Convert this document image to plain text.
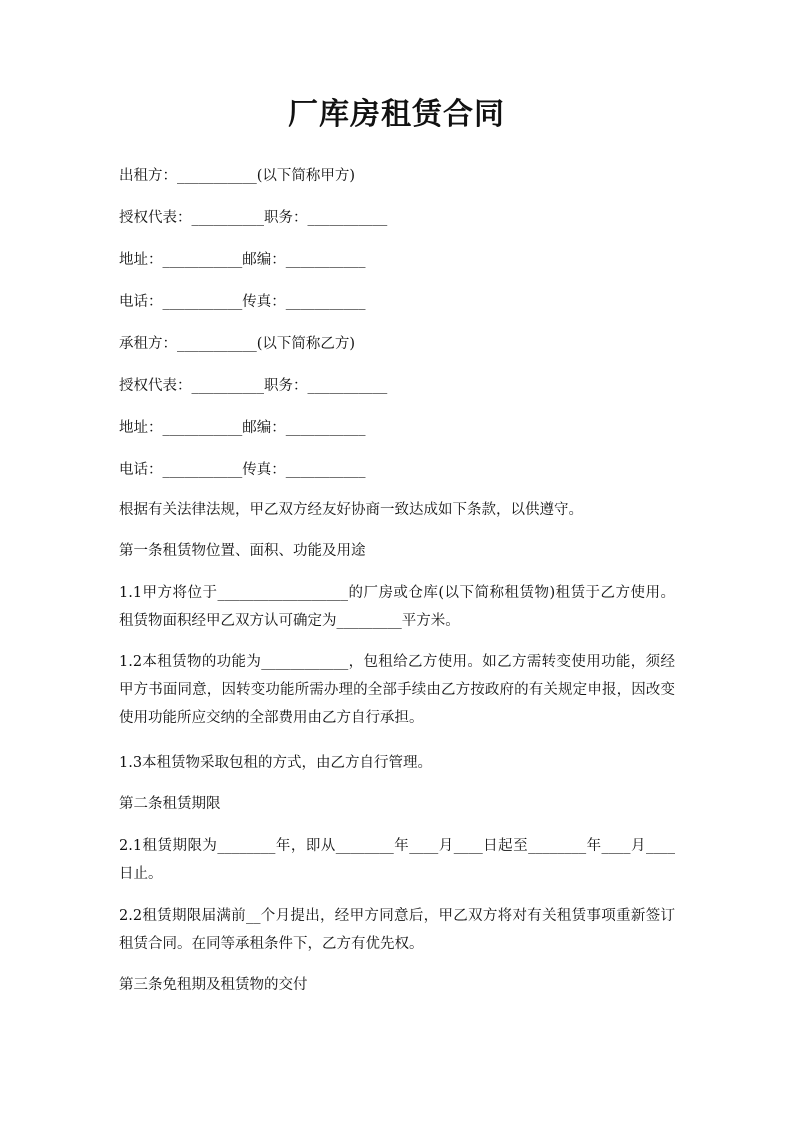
厂库房租赁合同
出租方：___________(以下简称甲方)
授权代表：__________职务：___________
地址：___________邮编：___________
电话：___________传真：___________
承租方：___________(以下简称乙方)
授权代表：__________职务：___________
地址：___________邮编：___________
电话：___________传真：___________
根据有关法律法规，甲乙双方经友好协商一致达成如下条款，以供遵守。
第一条租赁物位置、面积、功能及用途
1.1甲方将位于__________________的厂房或仓库(以下简称租赁物)租赁于乙方使用。租赁物面积经甲乙双方认可确定为_________平方米。
1.2本租赁物的功能为____________，包租给乙方使用。如乙方需转变使用功能，须经甲方书面同意，因转变功能所需办理的全部手续由乙方按政府的有关规定申报，因改变使用功能所应交纳的全部费用由乙方自行承担。
1.3本租赁物采取包租的方式，由乙方自行管理。
第二条租赁期限
2.1租赁期限为________年，即从________年____月____日起至________年____月____日止。
2.2租赁期限届满前__个月提出，经甲方同意后，甲乙双方将对有关租赁事项重新签订租赁合同。在同等承租条件下，乙方有优先权。
第三条免租期及租赁物的交付
